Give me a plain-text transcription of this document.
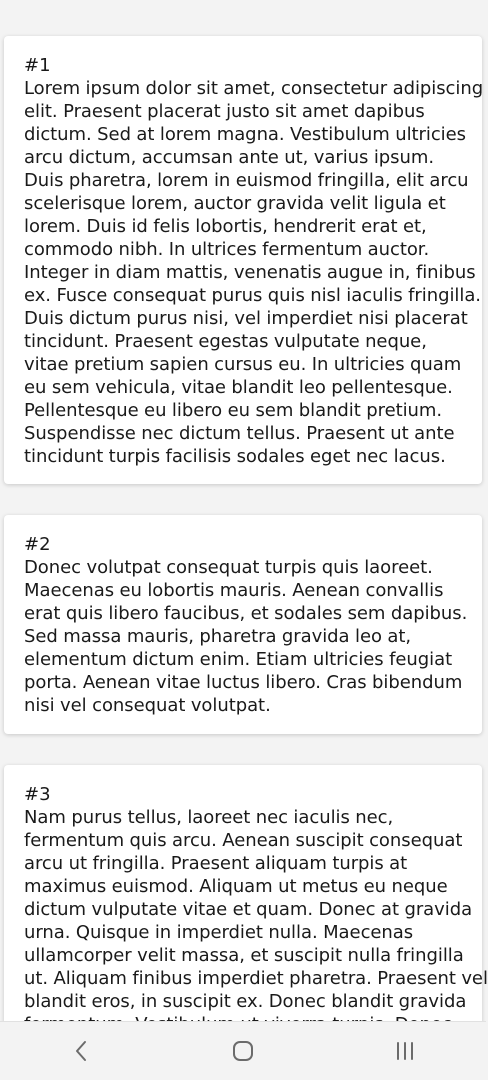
#1
Lorem ipsum dolor sit amet, consectetur adipiscing
elit. Praesent placerat justo sit amet dapibus
dictum. Sed at lorem magna. Vestibulum ultricies
arcu dictum, accumsan ante ut, varius ipsum.
Duis pharetra, lorem in euismod fringilla, elit arcu
scelerisque lorem, auctor gravida velit ligula et
lorem. Duis id felis lobortis, hendrerit erat et,
commodo nibh. In ultrices fermentum auctor.
Integer in diam mattis, venenatis augue in, finibus
ex. Fusce consequat purus quis nisl iaculis fringilla.
Duis dictum purus nisi, vel imperdiet nisi placerat
tincidunt. Praesent egestas vulputate neque,
vitae pretium sapien cursus eu. In ultricies quam
eu sem vehicula, vitae blandit leo pellentesque.
Pellentesque eu libero eu sem blandit pretium.
Suspendisse nec dictum tellus. Praesent ut ante
tincidunt turpis facilisis sodales eget nec lacus.
#2
Donec volutpat consequat turpis quis laoreet.
Maecenas eu lobortis mauris. Aenean convallis
erat quis libero faucibus, et sodales sem dapibus.
Sed massa mauris, pharetra gravida leo at,
elementum dictum enim. Etiam ultricies feugiat
porta. Aenean vitae luctus libero. Cras bibendum
nisi vel consequat volutpat.
#3
Nam purus tellus, laoreet nec iaculis nec,
fermentum quis arcu. Aenean suscipit consequat
arcu ut fringilla. Praesent aliquam turpis at
maximus euismod. Aliquam ut metus eu neque
dictum vulputate vitae et quam. Donec at gravida
urna. Quisque in imperdiet nulla. Maecenas
ullamcorper velit massa, et suscipit nulla fringilla
ut. Aliquam finibus imperdiet pharetra. Praesent vel
blandit eros, in suscipit ex. Donec blandit gravida
